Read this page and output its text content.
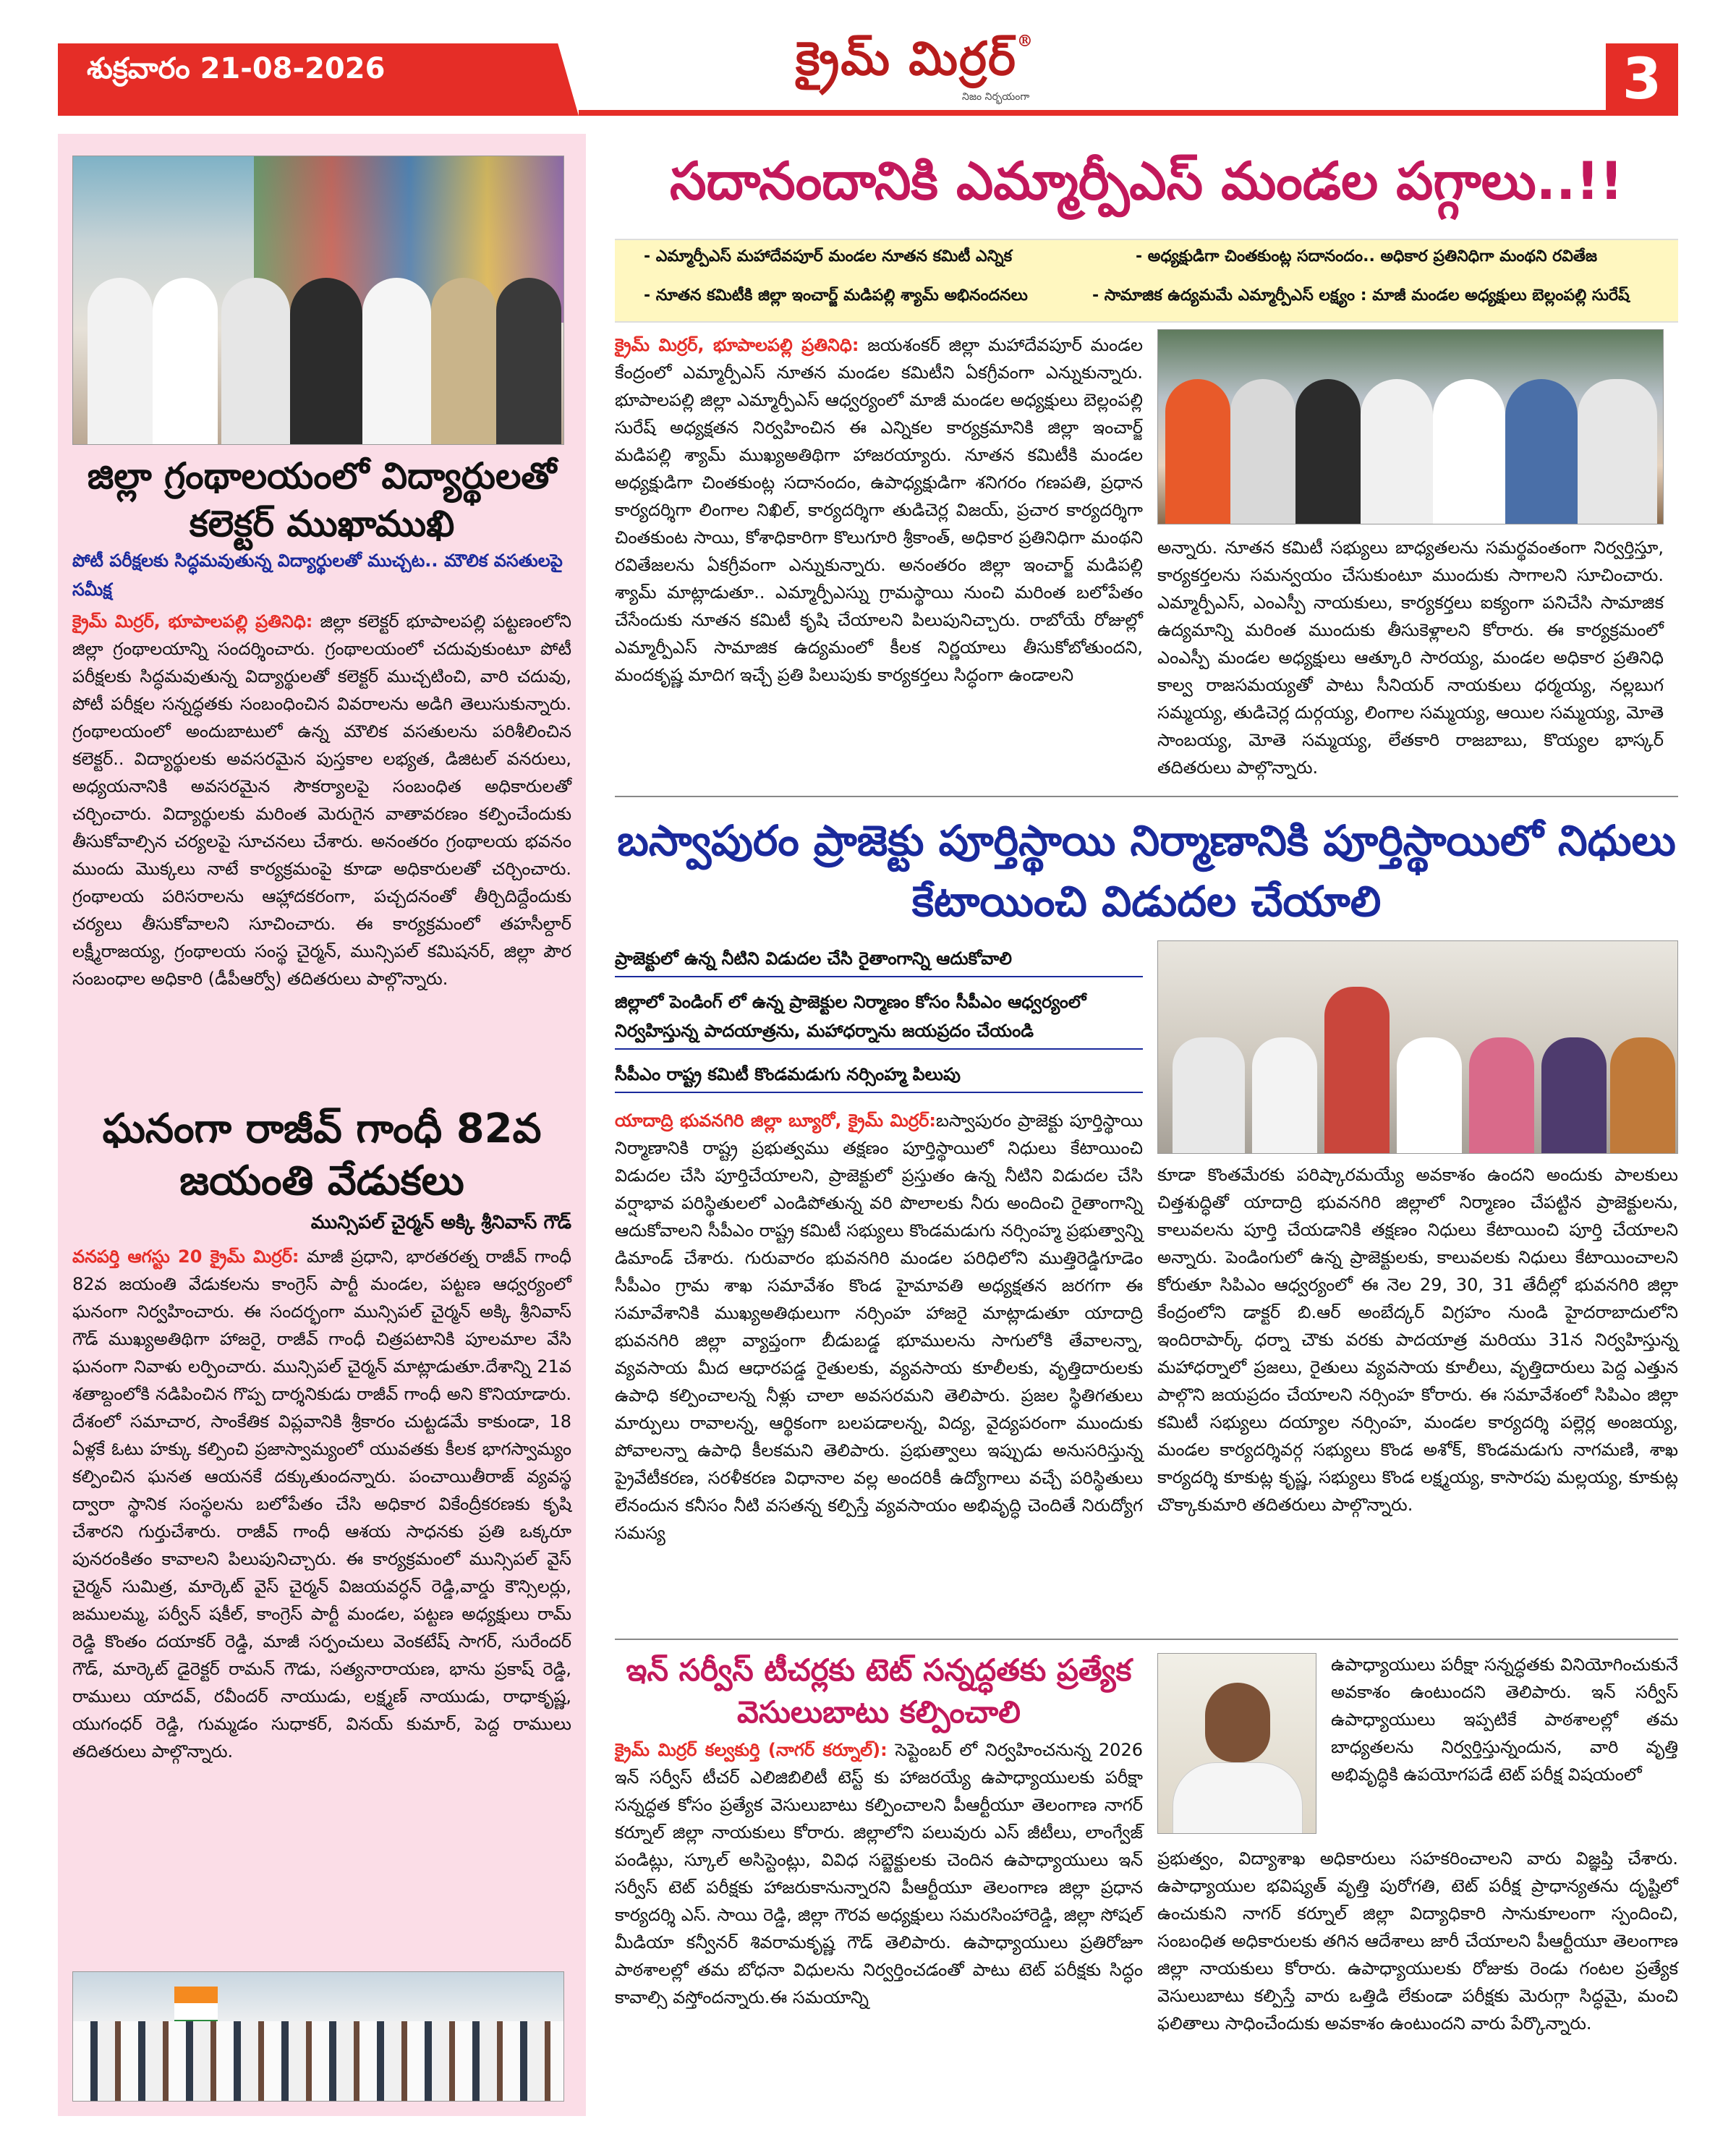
శుక్రవారం 21-08-2026	క్రైమ్ మిర్రర్®
నిజం నిర్భయంగా	3
జిల్లా గ్రంథాలయంలో విద్యార్థులతో కలెక్టర్ ముఖాముఖి
పోటీ పరీక్షలకు సిద్ధమవుతున్న విద్యార్థులతో ముచ్చట.. మౌలిక వసతులపై సమీక్ష
క్రైమ్ మిర్రర్, భూపాలపల్లి ప్రతినిధి: జిల్లా కలెక్టర్ భూపాలపల్లి పట్టణంలోని జిల్లా గ్రంథాలయాన్ని సందర్శించారు. గ్రంథాలయంలో చదువుకుంటూ పోటీ పరీక్షలకు సిద్ధమవుతున్న విద్యార్థులతో కలెక్టర్ ముచ్చటించి, వారి చదువు, పోటీ పరీక్షల సన్నద్ధతకు సంబంధించిన వివరాలను అడిగి తెలుసుకున్నారు. గ్రంథాలయంలో అందుబాటులో ఉన్న మౌలిక వసతులను పరిశీలించిన కలెక్టర్.. విద్యార్థులకు అవసరమైన పుస్తకాల లభ్యత, డిజిటల్ వనరులు, అధ్యయనానికి అవసరమైన సౌకర్యాలపై సంబంధిత అధికారులతో చర్చించారు. విద్యార్థులకు మరింత మెరుగైన వాతావరణం కల్పించేందుకు తీసుకోవాల్సిన చర్యలపై సూచనలు చేశారు. అనంతరం గ్రంథాలయ భవనం ముందు మొక్కలు నాటే కార్యక్రమంపై కూడా అధికారులతో చర్చించారు. గ్రంథాలయ పరిసరాలను ఆహ్లాదకరంగా, పచ్చదనంతో తీర్చిదిద్దేందుకు చర్యలు తీసుకోవాలని సూచించారు. ఈ కార్యక్రమంలో తహసీల్దార్ లక్ష్మీరాజయ్య, గ్రంథాలయ సంస్థ చైర్మన్, మున్సిపల్ కమిషనర్, జిల్లా పౌర సంబంధాల అధికారి (డీపీఆర్వో) తదితరులు పాల్గొన్నారు.
ఘనంగా రాజీవ్ గాంధీ 82వ జయంతి వేడుకలు
మున్సిపల్ చైర్మన్ అక్కి శ్రీనివాస్ గౌడ్
వనపర్తి ఆగస్టు 20 క్రైమ్ మిర్రర్: మాజీ ప్రధాని, భారతరత్న రాజీవ్ గాంధీ 82వ జయంతి వేడుకలను కాంగ్రెస్ పార్టీ మండల, పట్టణ ఆధ్వర్యంలో ఘనంగా నిర్వహించారు. ఈ సందర్భంగా మున్సిపల్ చైర్మన్ అక్కి శ్రీనివాస్ గౌడ్ ముఖ్యఅతిథిగా హాజరై, రాజీవ్ గాంధీ చిత్రపటానికి పూలమాల వేసి ఘనంగా నివాళు లర్పించారు. మున్సిపల్ చైర్మన్ మాట్లాడుతూ.దేశాన్ని 21వ శతాబ్దంలోకి నడిపించిన గొప్ప దార్శనికుడు రాజీవ్ గాంధీ అని కొనియాడారు. దేశంలో సమాచార, సాంకేతిక విప్లవానికి శ్రీకారం చుట్టడమే కాకుండా, 18 ఏళ్లకే ఓటు హక్కు కల్పించి ప్రజాస్వామ్యంలో యువతకు కీలక భాగస్వామ్యం కల్పించిన ఘనత ఆయనకే దక్కుతుందన్నారు. పంచాయితీరాజ్ వ్యవస్థ ద్వారా స్థానిక సంస్థలను బలోపేతం చేసి అధికార వికేంద్రీకరణకు కృషి చేశారని గుర్తుచేశారు. రాజీవ్ గాంధీ ఆశయ సాధనకు ప్రతి ఒక్కరూ పునరంకితం కావాలని పిలుపునిచ్చారు. ఈ కార్యక్రమంలో మున్సిపల్ వైస్ చైర్మన్ సుమిత్ర, మార్కెట్ వైస్ చైర్మన్ విజయవర్ధన్ రెడ్డి,వార్డు కౌన్సిలర్లు, జములమ్మ, పర్వీన్ షకీల్, కాంగ్రెస్ పార్టీ మండల, పట్టణ అధ్యక్షులు రామ్ రెడ్డి కొంతం దయాకర్ రెడ్డి, మాజీ సర్పంచులు వెంకటేష్ సాగర్, సురేందర్ గౌడ్, మార్కెట్ డైరెక్టర్ రామన్ గౌడు, సత్యనారాయణ, భాను ప్రకాష్ రెడ్డి, రాములు యాదవ్, రవీందర్ నాయుడు, లక్ష్మణ్ నాయుడు, రాధాకృష్ణ, యుగంధర్ రెడ్డి, గుమ్మడం సుధాకర్, వినయ్ కుమార్, పెద్ద రాములు తదితరులు పాల్గొన్నారు.
సదానందానికి ఎమ్మార్పీఎస్ మండల పగ్గాలు..!!
- ఎమ్మార్పీఎస్ మహాదేవపూర్ మండల నూతన కమిటీ ఎన్నిక	- అధ్యక్షుడిగా చింతకుంట్ల సదానందం.. అధికార ప్రతినిధిగా మంథని రవితేజ
- నూతన కమిటీకి జిల్లా ఇంచార్జ్ మడిపల్లి శ్యామ్ అభినందనలు	- సామాజిక ఉద్యమమే ఎమ్మార్పీఎస్ లక్ష్యం : మాజీ మండల అధ్యక్షులు బెల్లంపల్లి సురేష్
క్రైమ్ మిర్రర్, భూపాలపల్లి ప్రతినిధి: జయశంకర్ జిల్లా మహాదేవపూర్ మండల కేంద్రంలో ఎమ్మార్పీఎస్ నూతన మండల కమిటీని ఏకగ్రీవంగా ఎన్నుకున్నారు. భూపాలపల్లి జిల్లా ఎమ్మార్పీఎస్ ఆధ్వర్యంలో మాజీ మండల అధ్యక్షులు బెల్లంపల్లి సురేష్ అధ్యక్షతన నిర్వహించిన ఈ ఎన్నికల కార్యక్రమానికి జిల్లా ఇంచార్జ్ మడిపల్లి శ్యామ్ ముఖ్యఅతిథిగా హాజరయ్యారు. నూతన కమిటీకి మండల అధ్యక్షుడిగా చింతకుంట్ల సదానందం, ఉపాధ్యక్షుడిగా శనిగరం గణపతి, ప్రధాన కార్యదర్శిగా లింగాల నిఖిల్, కార్యదర్శిగా తుడిచెర్ల విజయ్, ప్రచార కార్యదర్శిగా చింతకుంట సాయి, కోశాధికారిగా కొలుగూరి శ్రీకాంత్, అధికార ప్రతినిధిగా మంథని రవితేజలను ఏకగ్రీవంగా ఎన్నుకున్నారు. అనంతరం జిల్లా ఇంచార్జ్ మడిపల్లి శ్యామ్ మాట్లాడుతూ.. ఎమ్మార్పీఎస్ను గ్రామస్థాయి నుంచి మరింత బలోపేతం చేసేందుకు నూతన కమిటీ కృషి చేయాలని పిలుపునిచ్చారు. రాబోయే రోజుల్లో ఎమ్మార్పీఎస్ సామాజిక ఉద్యమంలో కీలక నిర్ణయాలు తీసుకోబోతుందని, మందకృష్ణ మాదిగ ఇచ్చే ప్రతి పిలుపుకు కార్యకర్తలు సిద్ధంగా ఉండాలని
అన్నారు. నూతన కమిటీ సభ్యులు బాధ్యతలను సమర్థవంతంగా నిర్వర్తిస్తూ, కార్యకర్తలను సమన్వయం చేసుకుంటూ ముందుకు సాగాలని సూచించారు. ఎమ్మార్పీఎస్, ఎంఎస్పీ నాయకులు, కార్యకర్తలు ఐక్యంగా పనిచేసి సామాజిక ఉద్యమాన్ని మరింత ముందుకు తీసుకెళ్లాలని కోరారు. ఈ కార్యక్రమంలో ఎంఎస్పీ మండల అధ్యక్షులు ఆత్కూరి సారయ్య, మండల అధికార ప్రతినిధి కాల్వ రాజసమయ్యతో పాటు సీనియర్ నాయకులు ధర్మయ్య, నల్లబుగ సమ్మయ్య, తుడిచెర్ల దుర్గయ్య, లింగాల సమ్మయ్య, ఆయిల సమ్మయ్య, మోతె సాంబయ్య, మోతె సమ్మయ్య, లేతకారి రాజబాబు, కొయ్యల భాస్కర్ తదితరులు పాల్గొన్నారు.
బస్వాపురం ప్రాజెక్టు పూర్తిస్థాయి నిర్మాణానికి పూర్తిస్థాయిలో నిధులు కేటాయించి విడుదల చేయాలి
ప్రాజెక్టులో ఉన్న నీటిని విడుదల చేసి రైతాంగాన్ని ఆదుకోవాలి
జిల్లాలో పెండింగ్ లో ఉన్న ప్రాజెక్టుల నిర్మాణం కోసం సీపీఎం ఆధ్వర్యంలో నిర్వహిస్తున్న పాదయాత్రను, మహాధర్నాను జయప్రదం చేయండి
సీపీఎం రాష్ట్ర కమిటీ కొండమడుగు నర్సింహ్మ పిలుపు
యాదాద్రి భువనగిరి జిల్లా బ్యూరో, క్రైమ్ మిర్రర్:బస్వాపురం ప్రాజెక్టు పూర్తిస్థాయి నిర్మాణానికి రాష్ట్ర ప్రభుత్వము తక్షణం పూర్తిస్థాయిలో నిధులు కేటాయించి విడుదల చేసి పూర్తిచేయాలని, ప్రాజెక్టులో ప్రస్తుతం ఉన్న నీటిని విడుదల చేసి వర్షాభావ పరిస్థితులలో ఎండిపోతున్న వరి పొలాలకు నీరు అందించి రైతాంగాన్ని ఆదుకోవాలని సీపీఎం రాష్ట్ర కమిటీ సభ్యులు కొండమడుగు నర్సింహ్మ ప్రభుత్వాన్ని డిమాండ్ చేశారు. గురువారం భువనగిరి మండల పరిధిలోని ముత్తిరెడ్డిగూడెం సీపీఎం గ్రామ శాఖ సమావేశం కొండ హైమావతి అధ్యక్షతన జరగగా ఈ సమావేశానికి ముఖ్యఅతిథులుగా నర్సింహ హాజరై మాట్లాడుతూ యాదాద్రి భువనగిరి జిల్లా వ్యాప్తంగా బీడుబడ్డ భూములను సాగులోకి తేవాలన్నా, వ్యవసాయ మీద ఆధారపడ్డ రైతులకు, వ్యవసాయ కూలీలకు, వృత్తిదారులకు ఉపాధి కల్పించాలన్న నీళ్లు చాలా అవసరమని తెలిపారు. ప్రజల స్థితిగతులు మార్పులు రావాలన్న, ఆర్థికంగా బలపడాలన్న, విద్య, వైద్యపరంగా ముందుకు పోవాలన్నా ఉపాధి కీలకమని తెలిపారు. ప్రభుత్వాలు ఇప్పుడు అనుసరిస్తున్న ప్రైవేటీకరణ, సరళీకరణ విధానాల వల్ల అందరికీ ఉద్యోగాలు వచ్చే పరిస్థితులు లేనందున కనీసం నీటి వసతన్న కల్పిస్తే వ్యవసాయం అభివృద్ధి చెందితే నిరుద్యోగ సమస్య
కూడా కొంతమేరకు పరిష్కారమయ్యే అవకాశం ఉందని అందుకు పాలకులు చిత్తశుద్ధితో యాదాద్రి భువనగిరి జిల్లాలో నిర్మాణం చేపట్టిన ప్రాజెక్టులను, కాలువలను పూర్తి చేయడానికి తక్షణం నిధులు కేటాయించి పూర్తి చేయాలని అన్నారు. పెండింగులో ఉన్న ప్రాజెక్టులకు, కాలువలకు నిధులు కేటాయించాలని కోరుతూ సిపిఎం ఆధ్వర్యంలో ఈ నెల 29, 30, 31 తేదీల్లో భువనగిరి జిల్లా కేంద్రంలోని డాక్టర్ బి.ఆర్ అంబేద్కర్ విగ్రహం నుండి హైదరాబాదులోని ఇందిరాపార్క్ ధర్నా చౌకు వరకు పాదయాత్ర మరియు 31న నిర్వహిస్తున్న మహాధర్నాలో ప్రజలు, రైతులు వ్యవసాయ కూలీలు, వృత్తిదారులు పెద్ద ఎత్తున పాల్గొని జయప్రదం చేయాలని నర్సింహ కోరారు. ఈ సమావేశంలో సిపిఎం జిల్లా కమిటీ సభ్యులు దయ్యాల నర్సింహ, మండల కార్యదర్శి పల్లెర్ల అంజయ్య, మండల కార్యదర్శివర్గ సభ్యులు కొండ అశోక్, కొండమడుగు నాగమణి, శాఖ కార్యదర్శి కూకుట్ల కృష్ణ, సభ్యులు కొండ లక్ష్మయ్య, కాసారపు మల్లయ్య, కూకుట్ల చొక్కాకుమారి తదితరులు పాల్గొన్నారు.
ఇన్ సర్వీస్ టీచర్లకు టెట్ సన్నద్ధతకు ప్రత్యేక వెసులుబాటు కల్పించాలి
క్రైమ్ మిర్రర్ కల్వకుర్తి (నాగర్ కర్నూల్): సెప్టెంబర్ లో నిర్వహించనున్న 2026 ఇన్ సర్వీస్ టీచర్ ఎలిజిబిలిటీ టెస్ట్ కు హాజరయ్యే ఉపాధ్యాయులకు పరీక్షా సన్నద్ధత కోసం ప్రత్యేక వెసులుబాటు కల్పించాలని పీఆర్టీయూ తెలంగాణ నాగర్ కర్నూల్ జిల్లా నాయకులు కోరారు. జిల్లాలోని పలువురు ఎస్ జీటీలు, లాంగ్వేజ్ పండిట్లు, స్కూల్ అసిస్టెంట్లు, వివిధ సబ్జెక్టులకు చెందిన ఉపాధ్యాయులు ఇన్ సర్వీస్ టెట్ పరీక్షకు హాజరుకానున్నారని పీఆర్టీయూ తెలంగాణ జిల్లా ప్రధాన కార్యదర్శి ఎస్. సాయి రెడ్డి, జిల్లా గౌరవ అధ్యక్షులు సమరసింహారెడ్డి, జిల్లా సోషల్ మీడియా కన్వీనర్ శివరామకృష్ణ గౌడ్ తెలిపారు. ఉపాధ్యాయులు ప్రతిరోజూ పాఠశాలల్లో తమ బోధనా విధులను నిర్వర్తించడంతో పాటు టెట్ పరీక్షకు సిద్ధం కావాల్సి వస్తోందన్నారు.ఈ సమయాన్ని
ఉపాధ్యాయులు పరీక్షా సన్నద్ధతకు వినియోగించుకునే అవకాశం ఉంటుందని తెలిపారు. ఇన్ సర్వీస్ ఉపాధ్యాయులు ఇప్పటికే పాఠశాలల్లో తమ బాధ్యతలను నిర్వర్తిస్తున్నందున, వారి వృత్తి అభివృద్ధికి ఉపయోగపడే టెట్ పరీక్ష విషయంలో
ప్రభుత్వం, విద్యాశాఖ అధికారులు సహకరించాలని వారు విజ్ఞప్తి చేశారు. ఉపాధ్యాయుల భవిష్యత్ వృత్తి పురోగతి, టెట్ పరీక్ష ప్రాధాన్యతను దృష్టిలో ఉంచుకుని నాగర్ కర్నూల్ జిల్లా విద్యాధికారి సానుకూలంగా స్పందించి, సంబంధిత అధికారులకు తగిన ఆదేశాలు జారీ చేయాలని పీఆర్టీయూ తెలంగాణ జిల్లా నాయకులు కోరారు. ఉపాధ్యాయులకు రోజుకు రెండు గంటల ప్రత్యేక వెసులుబాటు కల్పిస్తే వారు ఒత్తిడి లేకుండా పరీక్షకు మెరుగ్గా సిద్ధమై, మంచి ఫలితాలు సాధించేందుకు అవకాశం ఉంటుందని వారు పేర్కొన్నారు.
